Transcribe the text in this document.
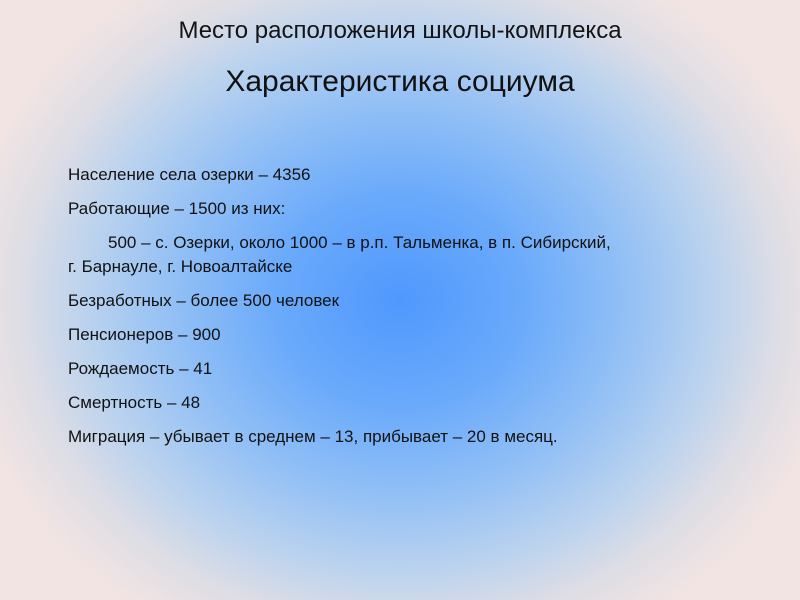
Место расположения школы-комплекса
Характеристика социума

Население села озерки – 4356

Работающие – 1500 из них:

500 – с. Озерки, около 1000 – в р.п. Тальменка, в п. Сибирский,
г. Барнауле, г. Новоалтайске

Безработных – более 500 человек

Пенсионеров – 900

Рождаемость – 41

Смертность – 48

Миграция – убывает в среднем – 13, прибывает – 20 в месяц.
